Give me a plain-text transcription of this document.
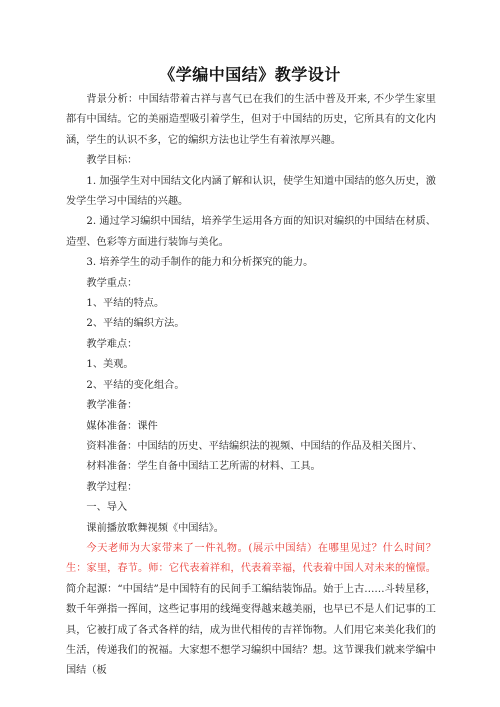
《学编中国结》教学设计

背景分析：中国结带着古祥与喜气已在我们的生活中普及开来, 不少学生家里都有中国结。它的美丽造型吸引着学生，但对于中国结的历史，它所具有的文化内涵，学生的认识不多，它的编织方法也让学生有着浓厚兴趣。

教学目标：

1. 加强学生对中国结文化内涵了解和认识，使学生知道中国结的悠久历史，激发学生学习中国结的兴趣。

2. 通过学习编织中国结，培养学生运用各方面的知识对编织的中国结在材质、造型、色彩等方面进行装饰与美化。

3. 培养学生的动手制作的能力和分析探究的能力。

教学重点：

1、平结的特点。

2、平结的编织方法。

教学难点：

1、美观。

2、平结的变化组合。

教学准备：

媒体准备：课件

资料准备：中国结的历史、平结编织法的视频、中国结的作品及相关图片、

材料准备：学生自备中国结工艺所需的材料、工具。

教学过程：

一、导入

课前播放歌舞视频《中国结》。

今天老师为大家带来了一件礼物。(展示中国结）在哪里见过？什么时间？生：家里，春节。师：它代表着祥和，代表着幸福，代表着中国人对未来的憧憬。简介起源：“中国结”是中国特有的民间手工编结装饰品。始于上古……斗转星移，数千年弹指一挥间，这些记事用的线绳变得越来越美丽，也早已不是人们记事的工具，它被打成了各式各样的结，成为世代相传的吉祥饰物。人们用它来美化我们的生活，传递我们的祝福。大家想不想学习编织中国结？想。这节课我们就来学编中国结（板
